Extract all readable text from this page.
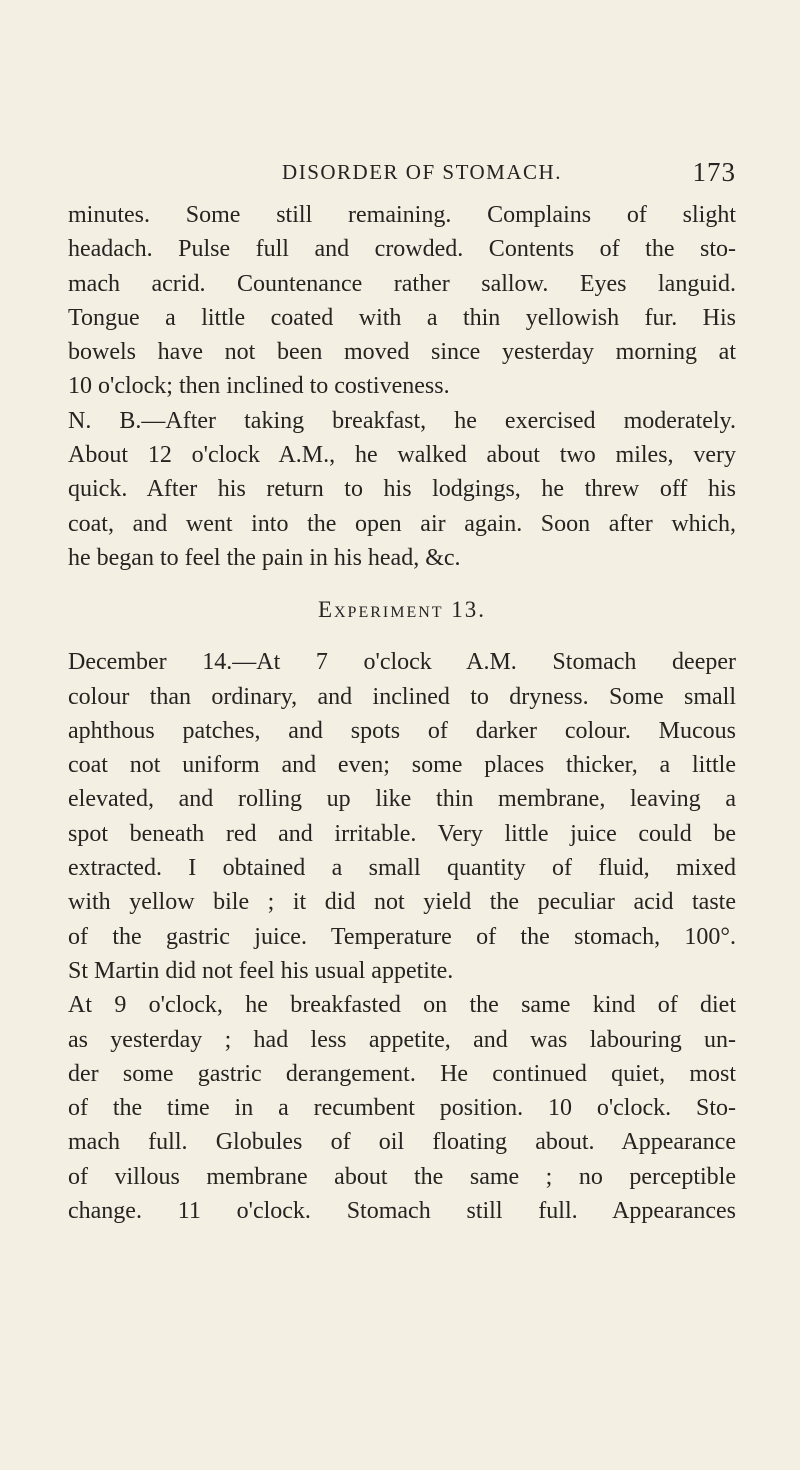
DISORDER OF STOMACH.	173
minutes. Some still remaining. Complains of slight
headach. Pulse full and crowded. Contents of the sto-
mach acrid. Countenance rather sallow. Eyes languid.
Tongue a little coated with a thin yellowish fur. His
bowels have not been moved since yesterday morning at
10 o'clock; then inclined to costiveness.
N. B.—After taking breakfast, he exercised moderately.
About 12 o'clock A.M., he walked about two miles, very
quick. After his return to his lodgings, he threw off his
coat, and went into the open air again. Soon after which,
he began to feel the pain in his head, &c.
Experiment 13.
December 14.—At 7 o'clock A.M. Stomach deeper
colour than ordinary, and inclined to dryness. Some small
aphthous patches, and spots of darker colour. Mucous
coat not uniform and even; some places thicker, a little
elevated, and rolling up like thin membrane, leaving a
spot beneath red and irritable. Very little juice could be
extracted. I obtained a small quantity of fluid, mixed
with yellow bile ; it did not yield the peculiar acid taste
of the gastric juice. Temperature of the stomach, 100°.
St Martin did not feel his usual appetite.
At 9 o'clock, he breakfasted on the same kind of diet
as yesterday ; had less appetite, and was labouring un-
der some gastric derangement. He continued quiet, most
of the time in a recumbent position. 10 o'clock. Sto-
mach full. Globules of oil floating about. Appearance
of villous membrane about the same ; no perceptible
change. 11 o'clock. Stomach still full. Appearances
